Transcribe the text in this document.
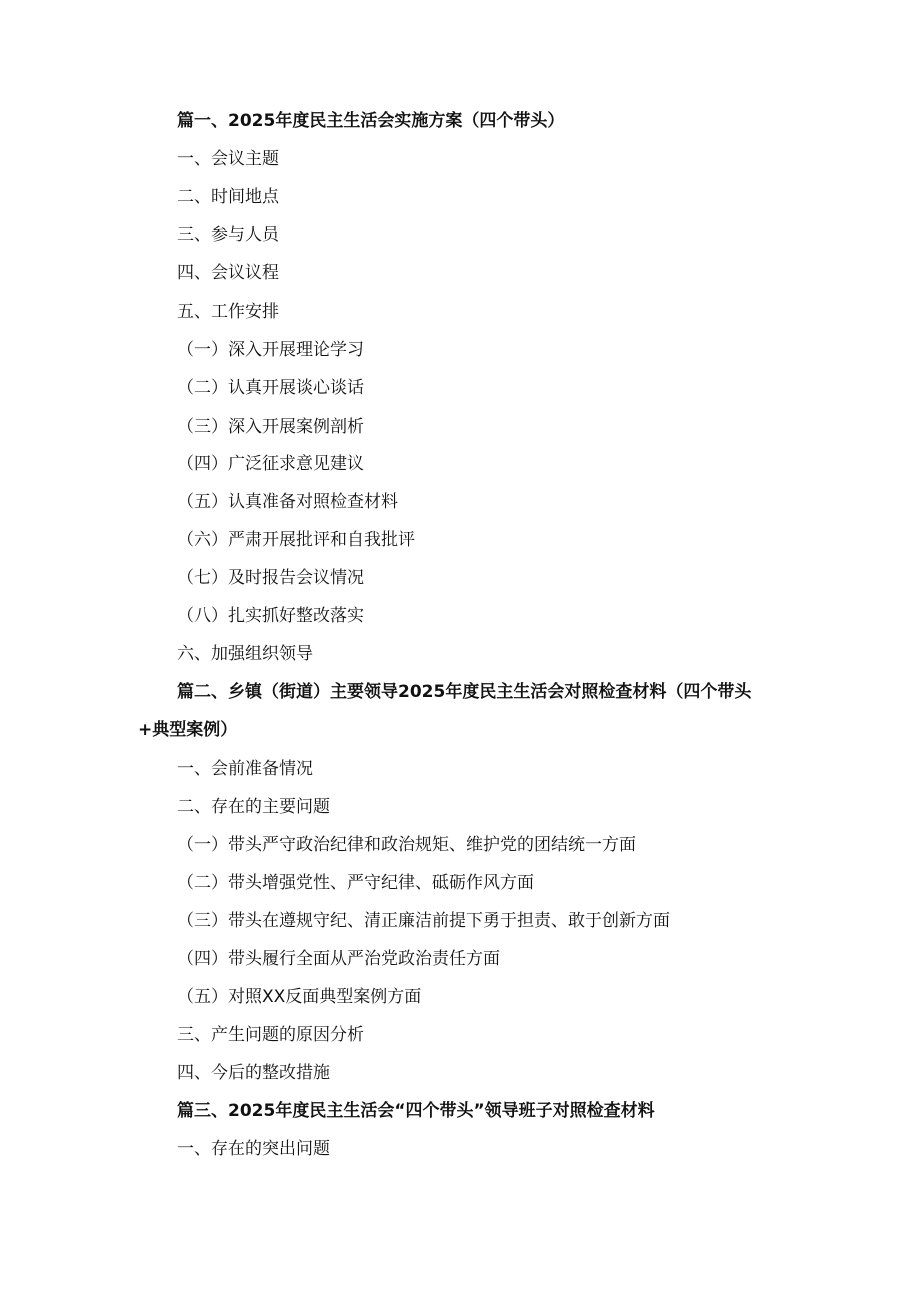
篇一、2025年度民主生活会实施方案（四个带头）
一、会议主题
二、时间地点
三、参与人员
四、会议议程
五、工作安排
（一）深入开展理论学习
（二）认真开展谈心谈话
（三）深入开展案例剖析
（四）广泛征求意见建议
（五）认真准备对照检查材料
（六）严肃开展批评和自我批评
（七）及时报告会议情况
（八）扎实抓好整改落实
六、加强组织领导
篇二、乡镇（街道）主要领导2025年度民主生活会对照检查材料（四个带头+典型案例）
一、会前准备情况
二、存在的主要问题
（一）带头严守政治纪律和政治规矩、维护党的团结统一方面
（二）带头增强党性、严守纪律、砥砺作风方面
（三）带头在遵规守纪、清正廉洁前提下勇于担责、敢于创新方面
（四）带头履行全面从严治党政治责任方面
（五）对照XX反面典型案例方面
三、产生问题的原因分析
四、今后的整改措施
篇三、2025年度民主生活会“四个带头”领导班子对照检查材料
一、存在的突出问题
